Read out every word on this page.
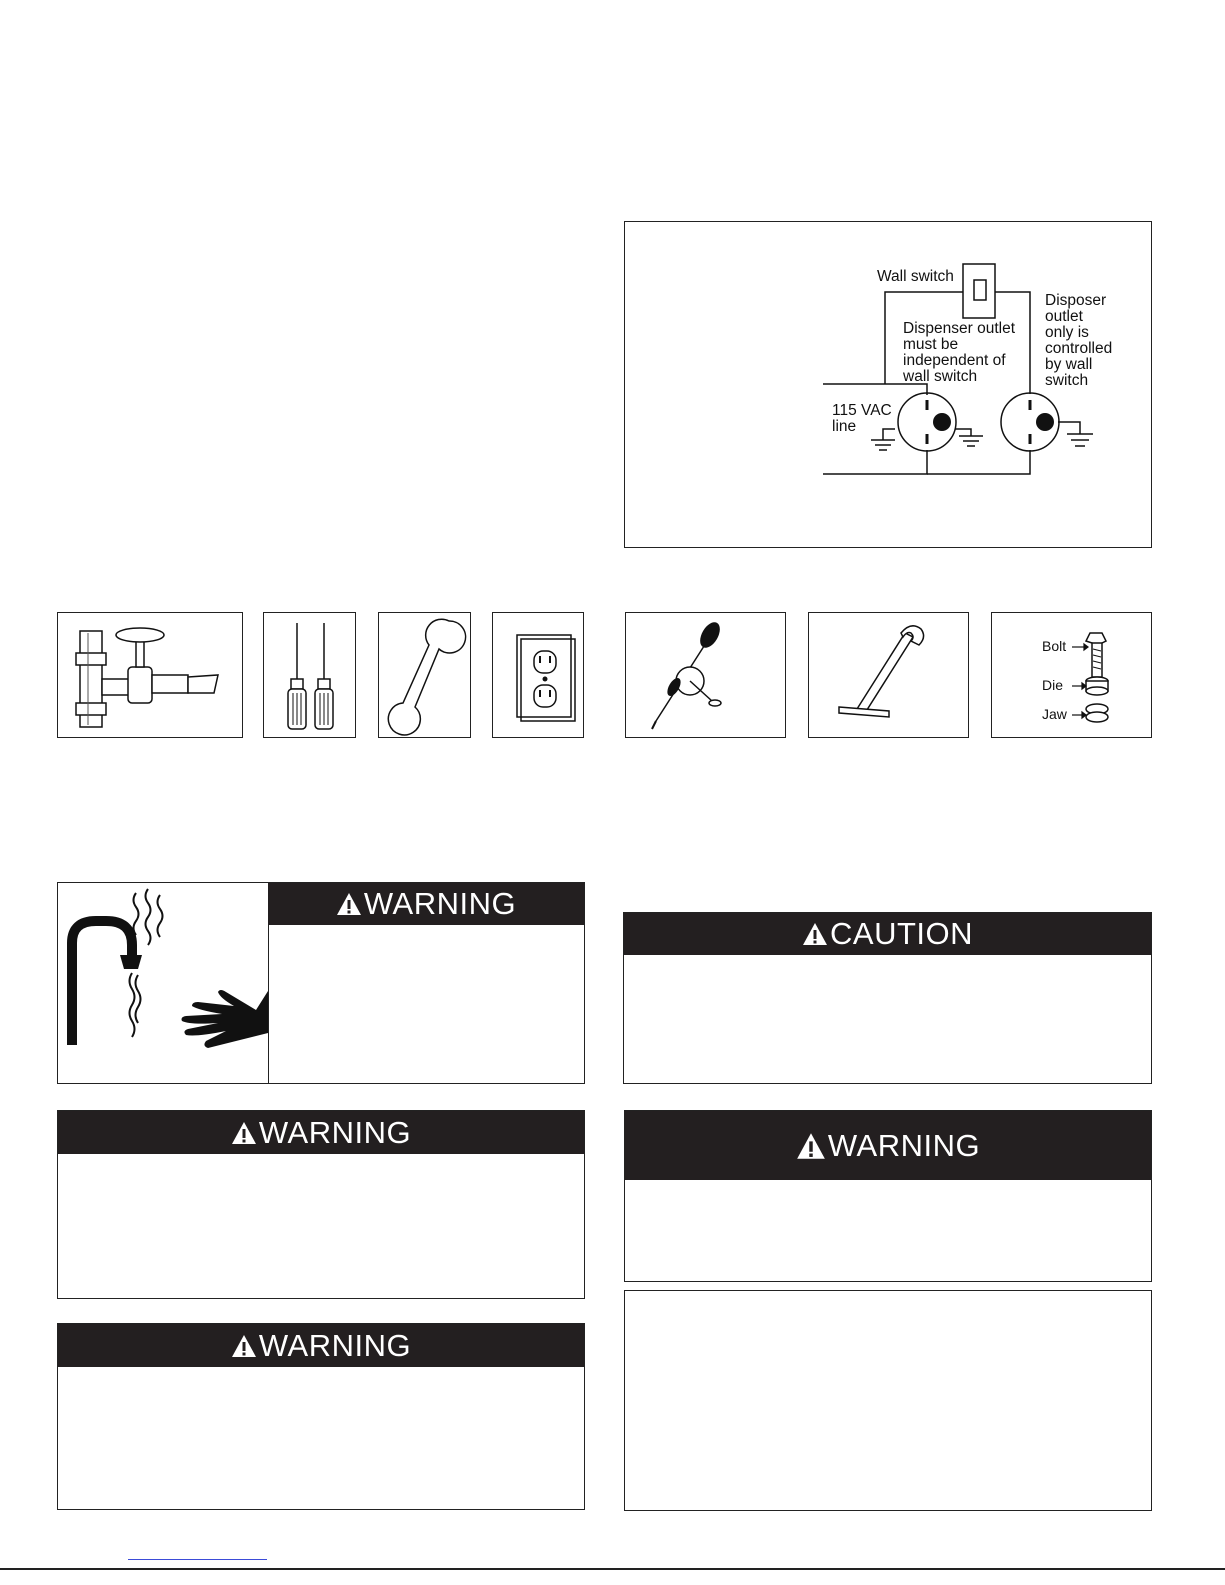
Wall switch
Dispenser outlet
must be
independent of
wall switch
Disposer
outlet
only is
controlled
by wall
switch
115 VAC
line
Bolt
Die
Jaw
WARNING
CAUTION
WARNING	WARNING
WARNING
